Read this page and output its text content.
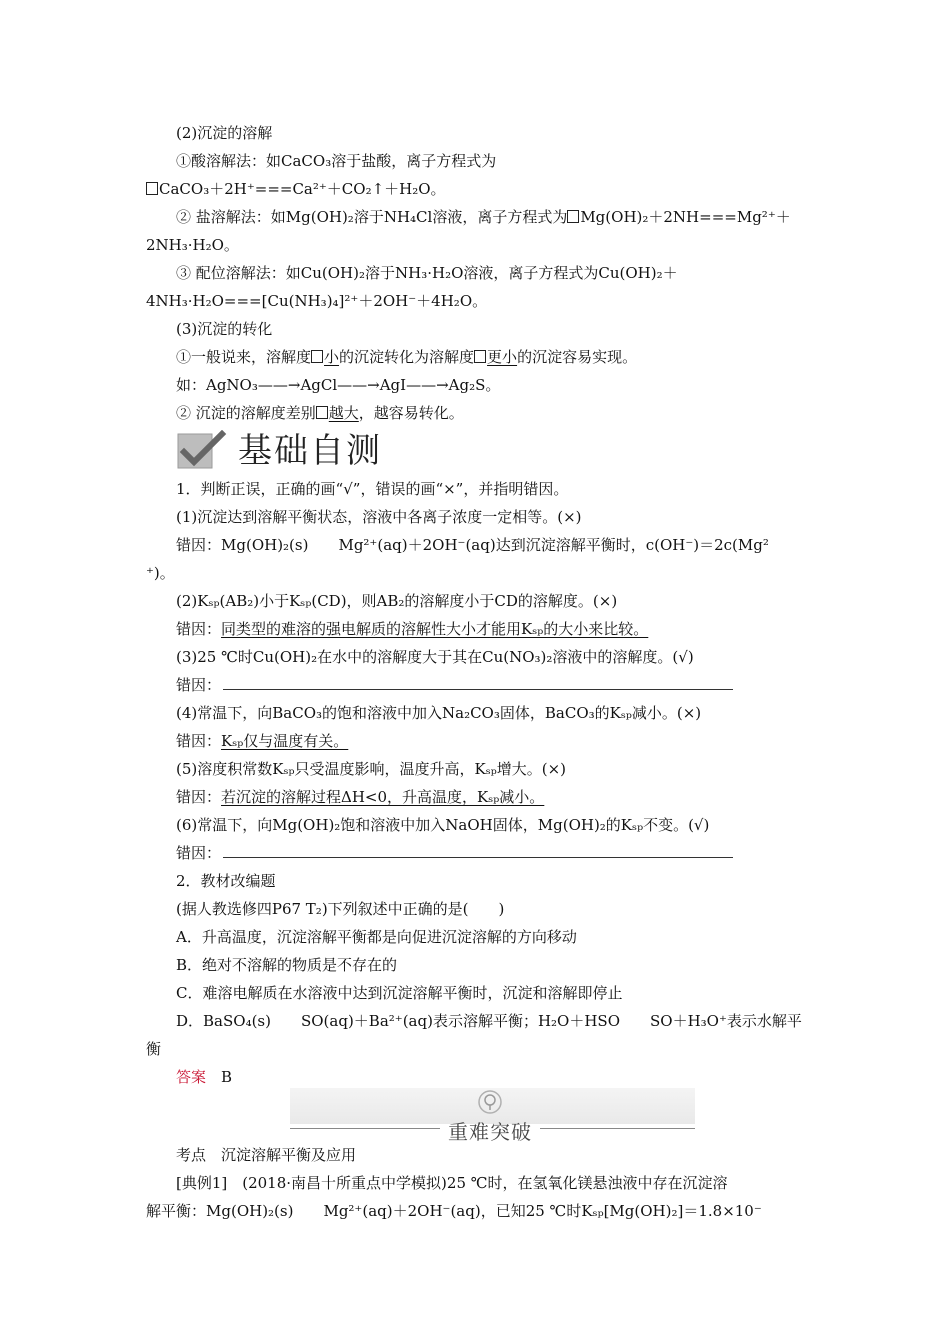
(2)沉淀的溶解
①酸溶解法：如CaCO₃溶于盐酸，离子方程式为
CaCO₃＋2H⁺===Ca²⁺＋CO₂↑＋H₂O。
② 盐溶解法：如Mg(OH)₂溶于NH₄Cl溶液，离子方程式为 Mg(OH)₂＋2NH===Mg²⁺＋
2NH₃·H₂O。
③ 配位溶解法：如Cu(OH)₂溶于NH₃·H₂O溶液，离子方程式为Cu(OH)₂＋
4NH₃·H₂O===[Cu(NH₃)₄]²⁺＋2OH⁻＋4H₂O。
(3)沉淀的转化
①一般说来，溶解度 小的沉淀转化为溶解度 更小的沉淀容易实现。
如：AgNO₃——→AgCl——→AgI——→Ag₂S。
② 沉淀的溶解度差别 越大，越容易转化。
基础自测
1．判断正误，正确的画“√”，错误的画“×”，并指明错因。
(1)沉淀达到溶解平衡状态，溶液中各离子浓度一定相等。(×)
错因：Mg(OH)₂(s)　　Mg²⁺(aq)＋2OH⁻(aq)达到沉淀溶解平衡时，c(OH⁻)＝2c(Mg²
⁺)。
(2)Kₛₚ(AB₂)小于Kₛₚ(CD)，则AB₂的溶解度小于CD的溶解度。(×)
错因：同类型的难溶的强电解质的溶解性大小才能用Kₛₚ的大小来比较。
(3)25 ℃时Cu(OH)₂在水中的溶解度大于其在Cu(NO₃)₂溶液中的溶解度。(√)
错因：
(4)常温下，向BaCO₃的饱和溶液中加入Na₂CO₃固体，BaCO₃的Kₛₚ减小。(×)
错因：Kₛₚ仅与温度有关。
(5)溶度积常数Kₛₚ只受温度影响，温度升高，Kₛₚ增大。(×)
错因：若沉淀的溶解过程ΔH<0，升高温度，Kₛₚ减小。
(6)常温下，向Mg(OH)₂饱和溶液中加入NaOH固体，Mg(OH)₂的Kₛₚ不变。(√)
错因：
2．教材改编题
(据人教选修四P67 T₂)下列叙述中正确的是(　　)
A．升高温度，沉淀溶解平衡都是向促进沉淀溶解的方向移动
B．绝对不溶解的物质是不存在的
C．难溶电解质在水溶液中达到沉淀溶解平衡时，沉淀和溶解即停止
D．BaSO₄(s)　　SO(aq)＋Ba²⁺(aq)表示溶解平衡；H₂O＋HSO　　SO＋H₃O⁺表示水解平
衡
答案　 B
重难突破
考点　沉淀溶解平衡及应用
[典例1]　(2018·南昌十所重点中学模拟)25 ℃时，在氢氧化镁悬浊液中存在沉淀溶
解平衡：Mg(OH)₂(s)　　Mg²⁺(aq)＋2OH⁻(aq)，已知25 ℃时Kₛₚ[Mg(OH)₂]＝1.8×10⁻
